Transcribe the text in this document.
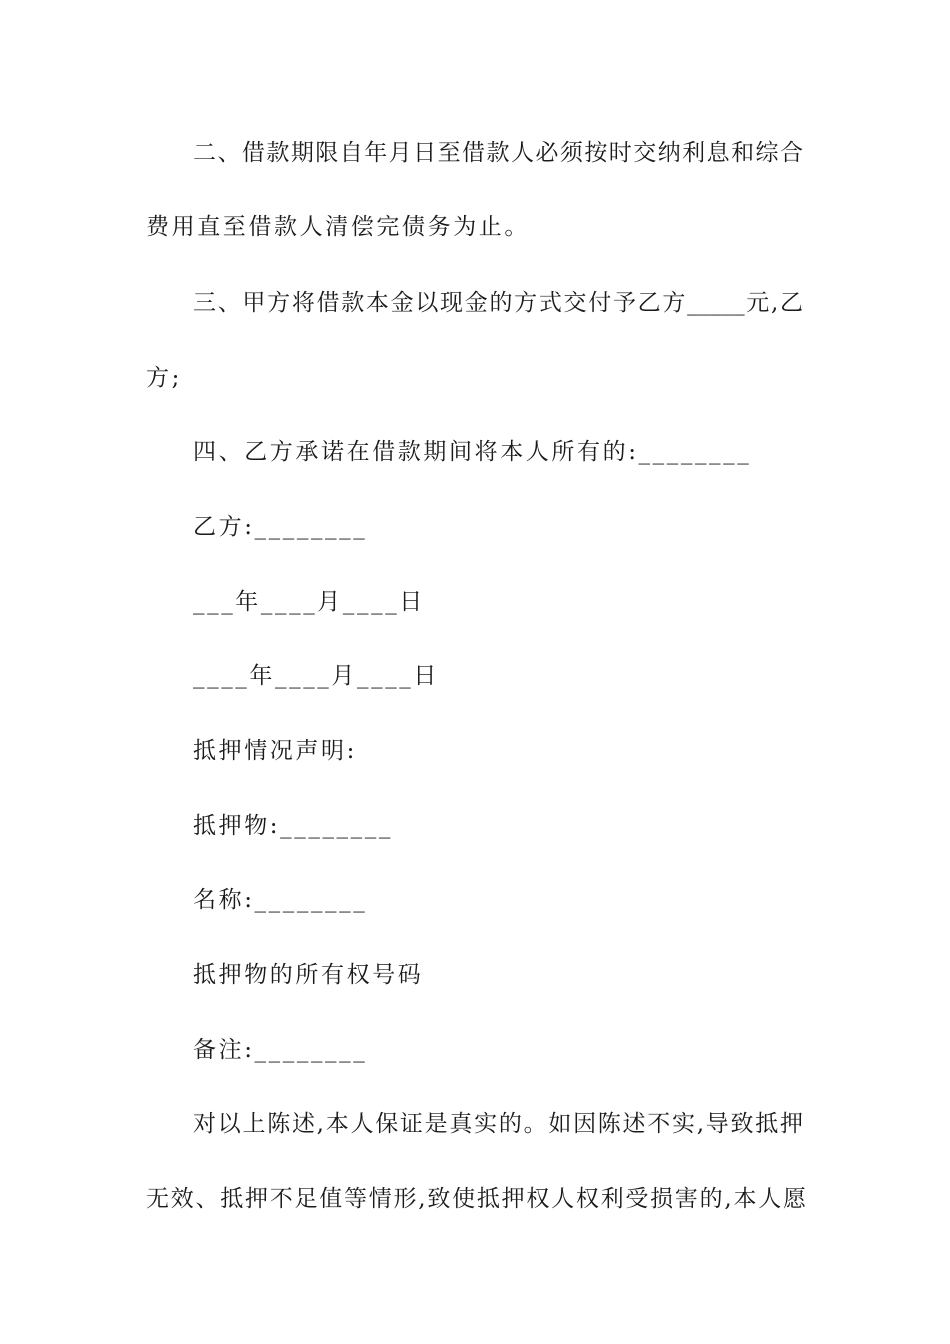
二、借款期限自年月日至借款人必须按时交纳利息和综合
费用直至借款人清偿完债务为止。
三、甲方将借款本金以现金的方式交付予乙方_____元,乙
方;
四、乙方承诺在借款期间将本人所有的:________
乙方:________
___年____月____日
____年____月____日
抵押情况声明:
抵押物:________
名称:________
抵押物的所有权号码
备注:________
对以上陈述,本人保证是真实的。如因陈述不实,导致抵押
无效、抵押不足值等情形,致使抵押权人权利受损害的,本人愿
